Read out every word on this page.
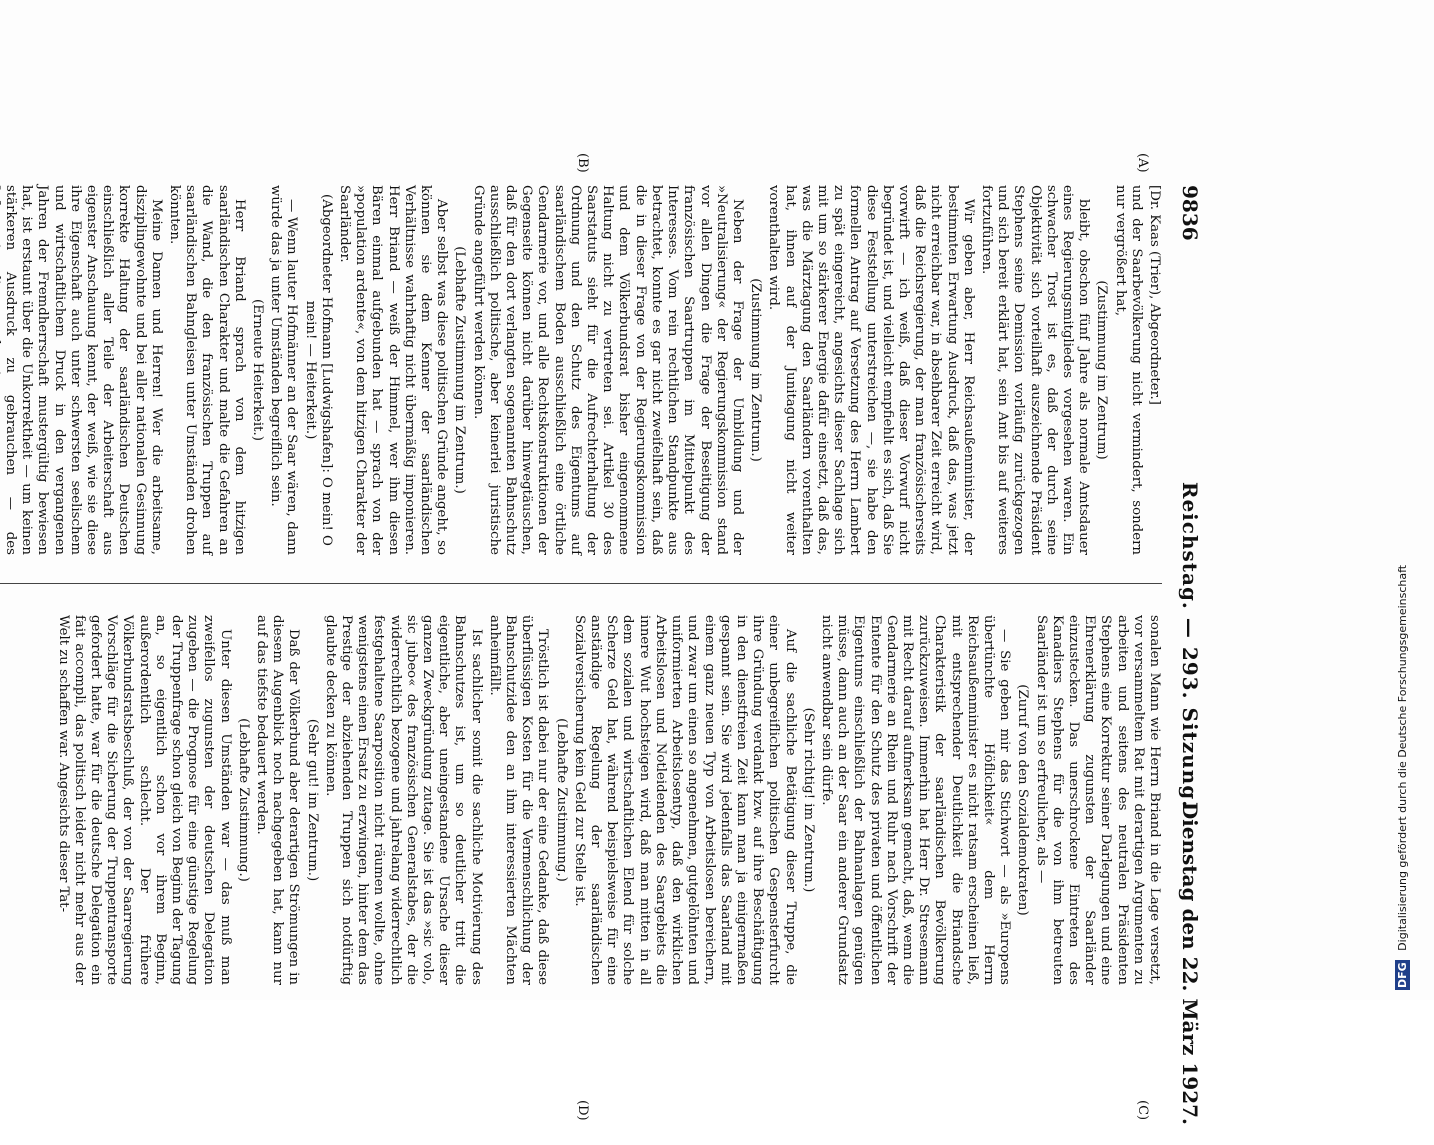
9836
Reichstag. — 293. Sitzung.
Dienstag den 22. März 1927.
(A)
(B)
(C)
(D)

[Dr. Kaas (Trier), Abgeordneter.]

und der Saarbevölkerung nicht vermindert, sondern nur vergrößert hat,

(Zustimmung im Zentrum)

bleibt, obschon fünf Jahre als normale Amtsdauer eines Regierungsmitgliedes vorgesehen waren. Ein schwacher Trost ist es, daß der durch seine Objektivität sich vorteilhaft auszeichnende Präsident Stephens seine Demission vorläufig zurückgezogen und sich bereit erklärt hat, sein Amt bis auf weiteres fortzuführen.

Wir geben aber, Herr Reichsaußenminister, der bestimmten Erwartung Ausdruck, daß das, was jetzt nicht erreichbar war, in absehbarer Zeit erreicht wird, daß die Reichsregierung, der man französischerseits vorwirft — ich weiß, daß dieser Vorwurf nicht begründet ist, und vielleicht empfiehlt es sich, daß Sie diese Feststellung unterstreichen —, sie habe den formellen Antrag auf Versetzung des Herrn Lambert zu spät eingereicht, angesichts dieser Sachlage sich mit um so stärkerer Energie dafür einsetzt, daß das, was die Märztagung den Saarländern vorenthalten hat, ihnen auf der Junitagung nicht weiter vorenthalten wird.

(Zustimmung im Zentrum.)

Neben der Frage der Umbildung und der »Neutralisierung« der Regierungskommission stand vor allen Dingen die Frage der Beseitigung der französischen Saartruppen im Mittelpunkt des Interesses. Vom rein rechtlichen Standpunkte aus betrachtet, konnte es gar nicht zweifelhaft sein, daß die in dieser Frage von der Regierungskommission und dem Völkerbundsrat bisher eingenommene Haltung nicht zu vertreten sei. Artikel 30 des Saarstatuts sieht für die Aufrechterhaltung der Ordnung und den Schutz des Eigentums auf saarländischem Boden ausschließlich eine örtliche Gendarmerie vor, und alle Rechtskonstruktionen der Gegenseite können nicht darüber hinwegtäuschen, daß für den dort verlangten sogenannten Bahnschutz ausschließlich politische, aber keinerlei juristische Gründe angeführt werden können.

(Lebhafte Zustimmung im Zentrum.)

Aber selbst was diese politischen Gründe angeht, so können sie dem Kenner der saarländischen Verhältnisse wahrhaftig nicht übermäßig imponieren. Herr Briand — weiß der Himmel, wer ihm diesen Bären einmal aufgebunden hat — sprach von der »population ardente«, von dem hitzigen Charakter der Saarländer.

(Abgeordneter Hofmann [Ludwigshafen]: O mein! O mein! — Heiterkeit.)

— Wenn lauter Hofmänner an der Saar wären, dann würde das ja unter Umständen begreiflich sein.

(Erneute Heiterkeit.)

Herr Briand sprach von dem hitzigen saarländischen Charakter und malte die Gefahren an die Wand, die den französischen Truppen auf saarländischen Bahngleisen unter Umständen drohen könnten.

Meine Damen und Herren! Wer die arbeitsame, disziplingewohnte und bei aller nationalen Gesinnung korrekte Haltung der saarländischen Deutschen einschließlich aller Teile der Arbeiterschaft aus eigenster Anschauung kennt, der weiß, wie sie diese ihre Eigenschaft auch unter schwersten seelischem und wirtschaftlichem Druck in den vergangenen Jahren der Fremdherrschaft mustergültig bewiesen hat, ist erstaunt über die Unkorrektheit — um keinen stärkeren Ausdruck zu gebrauchen — des

sonalen Mann wie Herrn Briand in die Lage versetzt, vor versammeltem Rat mit derartigen Argumenten zu arbeiten und seitens des neutralen Präsidenten Stephens eine Korrektur seiner Darlegungen und eine Ehrenerklärung zugunsten der Saarländer einzustecken. Das unerschrockene Eintreten des Kanadiers Stephens für die von ihm betreuten Saarländer ist um so erfreulicher, als —

(Zuruf von den Sozialdemokraten)

— Sie geben mir das Stichwort — als »Europens übertünchte Höflichkeit« dem Herrn Reichsaußenminister es nicht ratsam erscheinen ließ, mit entsprechender Deutlichkeit die Briandsche Charakteristik der saarländischen Bevölkerung zurückzuweisen. Immerhin hat Herr Dr. Stresemann mit Recht darauf aufmerksam gemacht, daß, wenn die Gendarmerie an Rhein und Ruhr nach Vorschrift der Entente für den Schutz des privaten und öffentlichen Eigentums einschließlich der Bahnanlagen genügen müsse, dann auch an der Saar ein anderer Grundsatz nicht anwendbar sein dürfe.

(Sehr richtig! im Zentrum.)

Auf die sachliche Betätigung dieser Truppe, die einer unbegreiflichen politischen Gespensterfurcht ihre Gründung verdankt bzw. auf ihre Beschäftigung in den dienstfreien Zeit kann man ja einigermaßen gespannt sein. Sie wird jedenfalls das Saarland mit einem ganz neuen Typ von Arbeitslosen bereichern, und zwar um einen so angenehmen, gutgelöhnten und uniformierten Arbeitslosentyp, daß den wirklichen Arbeitslosen und Notleidenden des Saargebiets die innere Wut hochsteigen wird, daß man mitten in all dem sozialen und wirtschaftlichen Elend für solche Scherze Geld hat, während beispielsweise für eine anständige Regelung der saarländischen Sozialversicherung kein Geld zur Stelle ist.

(Lebhafte Zustimmung.)

Tröstlich ist dabei nur der eine Gedanke, daß diese überflüssigen Kosten für die Vermenschlichung der Bahnschutzidee den an ihm interessierten Mächten anheimfällt.

Ist sachlicher somit die sachliche Motivierung des Bahnschutzes ist, um so deutlicher tritt die eigentliche, aber uneingestandene Ursache dieser ganzen Zweckgründung zutage. Sie ist das »sic volo, sic jubeo« des französischen Generalstabes, der die widerrechtlich bezogene und jahrelang widerrechtlich festgehaltene Saarposition nicht räumen wollte, ohne wenigstens einen Ersatz zu erzwingen, hinter dem das Prestige der abziehenden Truppen sich notdürftig glaubte decken zu können.

(Sehr gut! im Zentrum.)

Daß der Völkerbund aber derartigen Strömungen in diesem Augenblick noch nachgegeben hat, kann nur auf das tiefste bedauert werden.

(Lebhafte Zustimmung.)

Unter diesen Umständen war — das muß man zweifellos zugunsten der deutschen Delegation zugeben — die Prognose für eine günstige Regelung der Truppenfrage schon gleich von Beginn der Tagung an, so eigentlich schon vor ihrem Beginn, außerordentlich schlecht. Der frühere Völkerbundsratsbeschluß, der von der Saarregierung Vorschläge für die Sicherung der Truppentransporte gefordert hatte, war für die deutsche Delegation ein fait accompli, das politisch leider nicht mehr aus der Welt zu schaffen war. Angesichts dieser Tat-

DFG Digitalisierung gefördert durch die Deutsche Forschungsgemeinschaft
